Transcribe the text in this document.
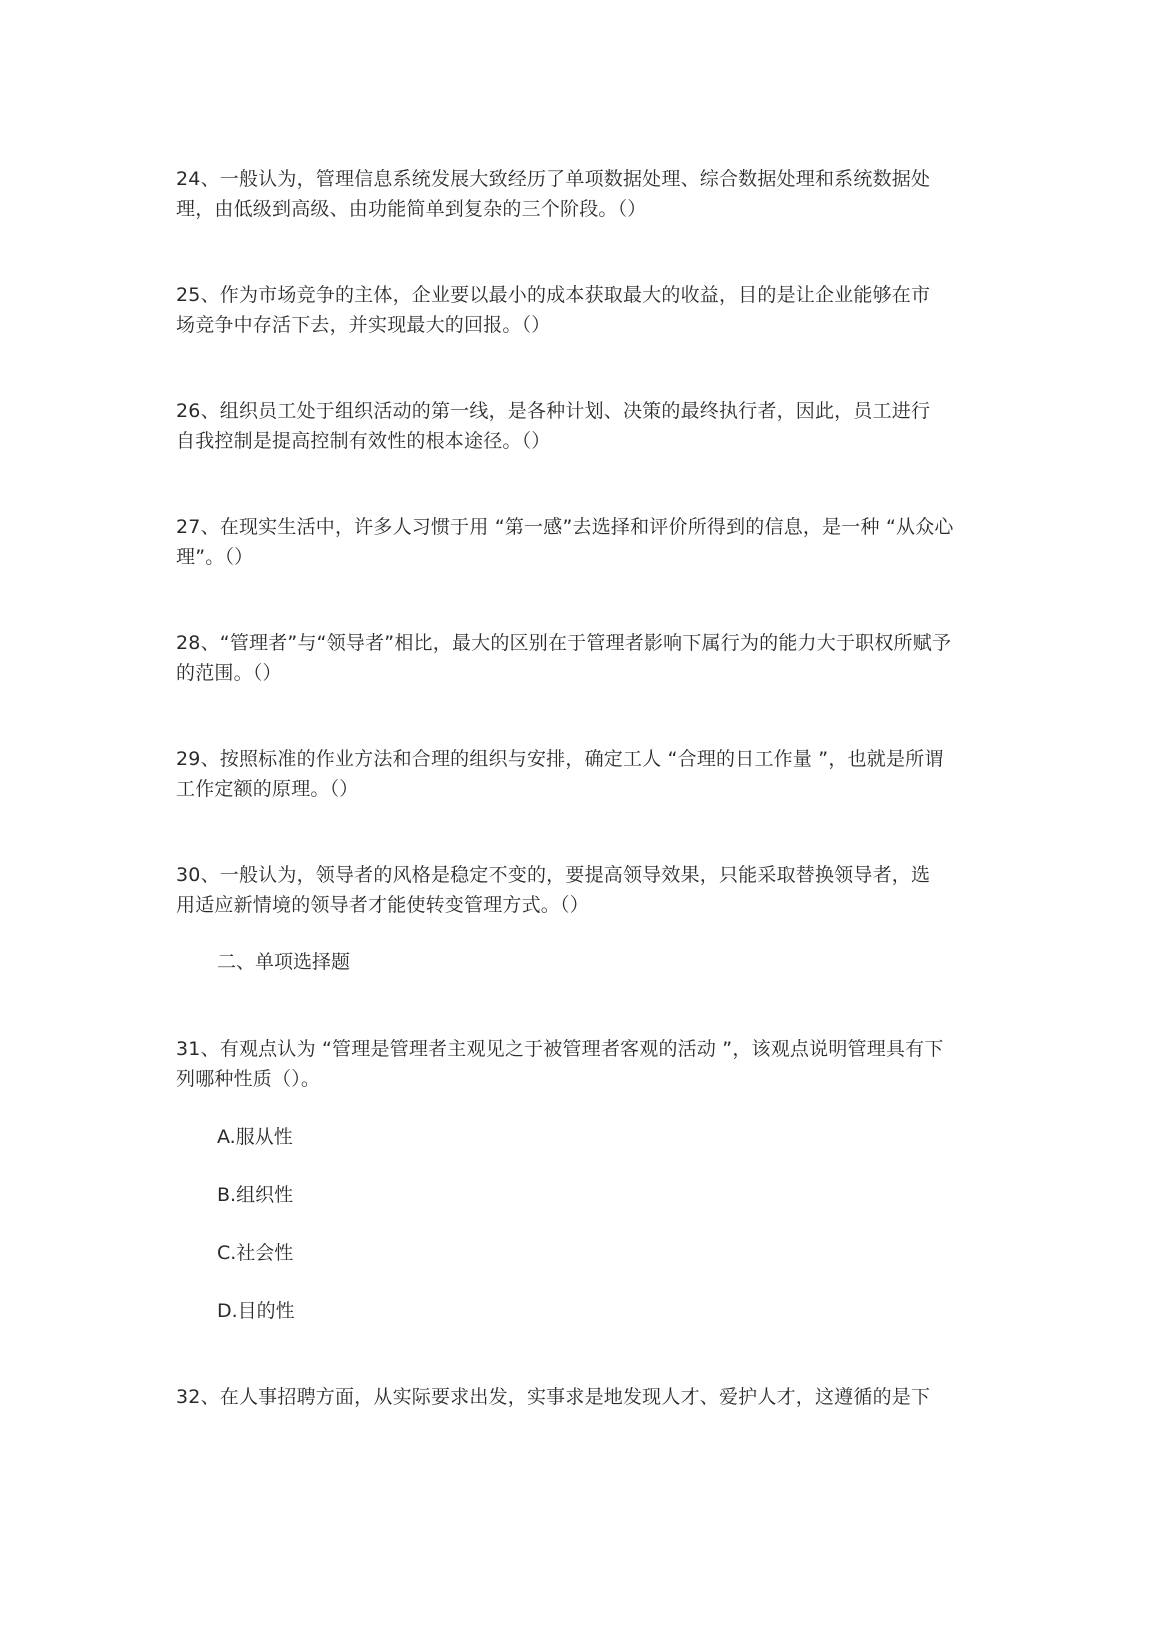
24、一般认为，管理信息系统发展大致经历了单项数据处理、综合数据处理和系统数据处
理，由低级到高级、由功能简单到复杂的三个阶段。（）

25、作为市场竞争的主体，企业要以最小的成本获取最大的收益，目的是让企业能够在市
场竞争中存活下去，并实现最大的回报。（）

26、组织员工处于组织活动的第一线，是各种计划、决策的最终执行者，因此，员工进行
自我控制是提高控制有效性的根本途径。（）

27、在现实生活中，许多人习惯于用 “第一感”去选择和评价所得到的信息，是一种 “从众心
理”。（）

28、“管理者”与“领导者”相比，最大的区别在于管理者影响下属行为的能力大于职权所赋予
的范围。（）

29、按照标准的作业方法和合理的组织与安排，确定工人 “合理的日工作量 ”，也就是所谓
工作定额的原理。（）

30、一般认为，领导者的风格是稳定不变的，要提高领导效果，只能采取替换领导者，选
用适应新情境的领导者才能使转变管理方式。（）

二、单项选择题

31、有观点认为 “管理是管理者主观见之于被管理者客观的活动 ”，该观点说明管理具有下
列哪种性质（）。

A.服从性

B.组织性

C.社会性

D.目的性

32、在人事招聘方面，从实际要求出发，实事求是地发现人才、爱护人才，这遵循的是下
